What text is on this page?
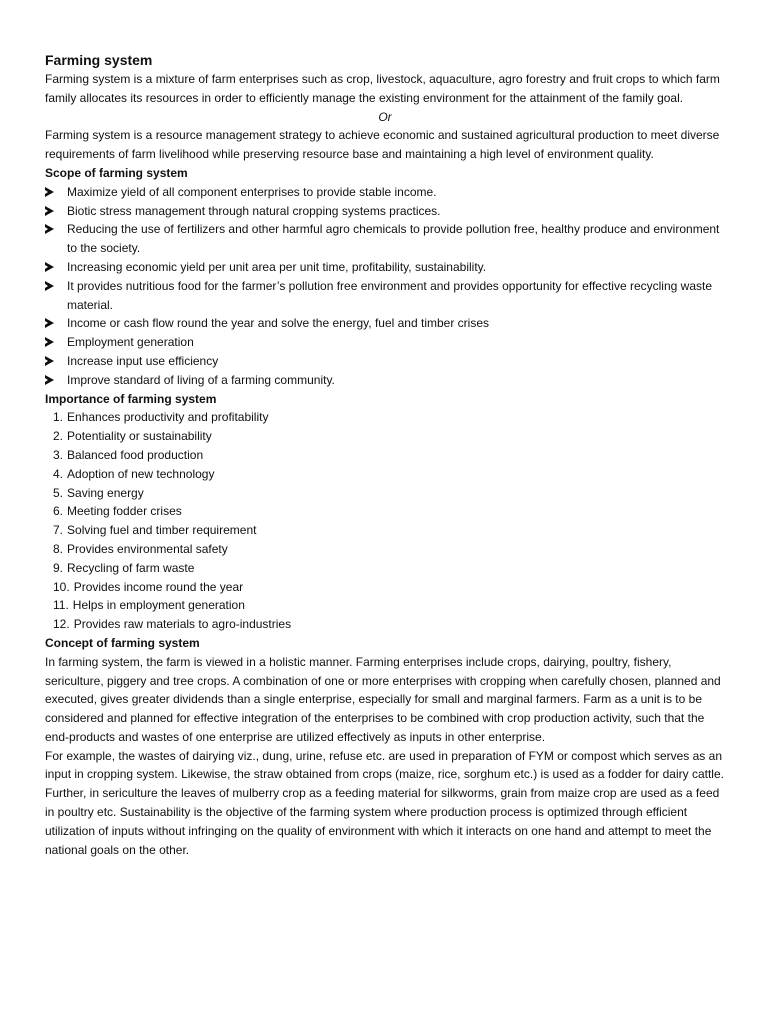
Farming system

Farming system is a mixture of farm enterprises such as crop, livestock, aquaculture, agro forestry and fruit crops to which farm family allocates its resources in order to efficiently manage the existing environment for the attainment of the family goal.

Or

Farming system is a resource management strategy to achieve economic and sustained agricultural production to meet diverse requirements of farm livelihood while preserving resource base and maintaining a high level of environment quality.

Scope of farming system
Maximize yield of all component enterprises to provide stable income.
Biotic stress management through natural cropping systems practices.
Reducing the use of fertilizers and other harmful agro chemicals to provide pollution free, healthy produce and environment to the society.
Increasing economic yield per unit area per unit time, profitability, sustainability.
It provides nutritious food for the farmer’s pollution free environment and provides opportunity for effective recycling waste material.
Income or cash flow round the year and solve the energy, fuel and timber crises
Employment generation
Increase input use efficiency
Improve standard of living of a farming community.
Importance of farming system
1. Enhances productivity and profitability
2. Potentiality or sustainability
3. Balanced food production
4. Adoption of new technology
5. Saving energy
6. Meeting fodder crises
7. Solving fuel and timber requirement
8. Provides environmental safety
9. Recycling of farm waste
10. Provides income round the year
11. Helps in employment generation
12. Provides raw materials to agro-industries
Concept of farming system

In farming system, the farm is viewed in a holistic manner. Farming enterprises include crops, dairying, poultry, fishery, sericulture, piggery and tree crops. A combination of one or more enterprises with cropping when carefully chosen, planned and executed, gives greater dividends than a single enterprise, especially for small and marginal farmers. Farm as a unit is to be considered and planned for effective integration of the enterprises to be combined with crop production activity, such that the end-products and wastes of one enterprise are utilized effectively as inputs in other enterprise.

For example, the wastes of dairying viz., dung, urine, refuse etc. are used in preparation of FYM or compost which serves as an input in cropping system. Likewise, the straw obtained from crops (maize, rice, sorghum etc.) is used as a fodder for dairy cattle. Further, in sericulture the leaves of mulberry crop as a feeding material for silkworms, grain from maize crop are used as a feed in poultry etc. Sustainability is the objective of the farming system where production process is optimized through efficient utilization of inputs without infringing on the quality of environment with which it interacts on one hand and attempt to meet the national goals on the other.
